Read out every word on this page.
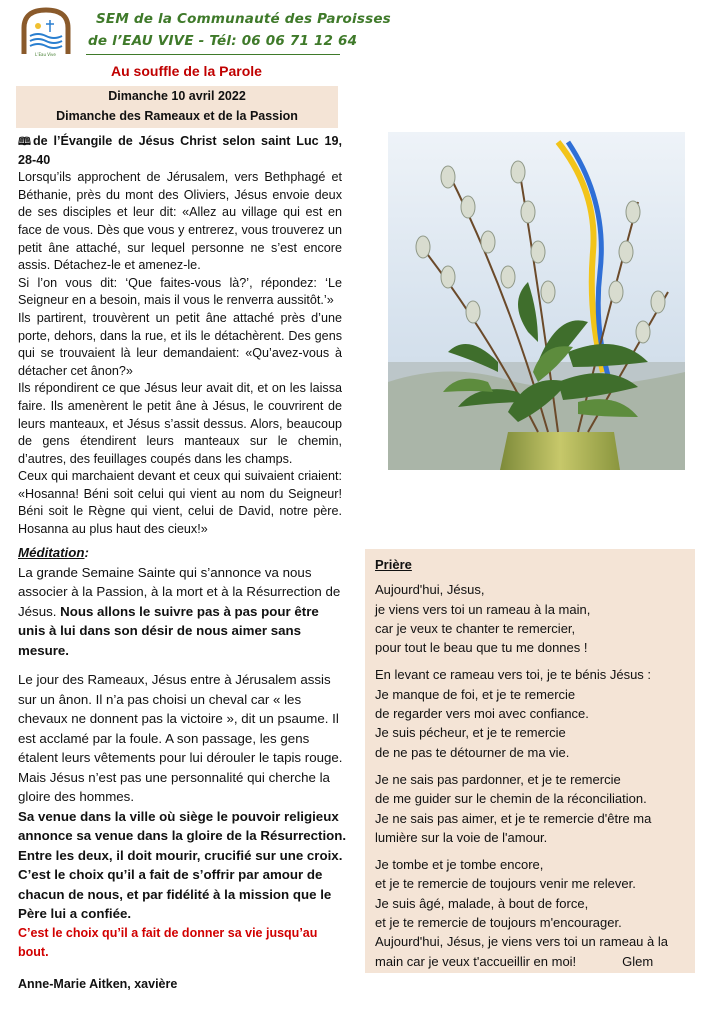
L’Eau Vive
SEM de la Communauté des Paroisses
de l’EAU VIVE - Tél: 06 06 71 12 64
Au souffle de la Parole
Dimanche 10 avril 2022
Dimanche des Rameaux et de la Passion

🕮 de l’Évangile de Jésus Christ selon saint Luc 19, 28-40

Lorsqu’ils approchent de Jérusalem, vers Bethphagé et Béthanie, près du mont des Oliviers, Jésus envoie deux de ses disciples et leur dit: «Allez au village qui est en face de vous. Dès que vous y entrerez, vous trouverez un petit âne attaché, sur lequel personne ne s’est encore assis. Détachez-le et amenez-le.

Si l’on vous dit: ‘Que faites-vous là?’, répondez: ‘Le Seigneur en a besoin, mais il vous le renverra aussitôt.’»

Ils partirent, trouvèrent un petit âne attaché près d’une porte, dehors, dans la rue, et ils le détachèrent. Des gens qui se trouvaient là leur demandaient: «Qu’avez-vous à détacher cet ânon?»

Ils répondirent ce que Jésus leur avait dit, et on les laissa faire. Ils amenèrent le petit âne à Jésus, le couvrirent de leurs manteaux, et Jésus s’assit dessus. Alors, beaucoup de gens étendirent leurs manteaux sur le chemin, d’autres, des feuillages coupés dans les champs.

Ceux qui marchaient devant et ceux qui suivaient criaient: «Hosanna! Béni soit celui qui vient au nom du Seigneur! Béni soit le Règne qui vient, celui de David, notre père. Hosanna au plus haut des cieux!»

Méditation:

La grande Semaine Sainte qui s’annonce va nous associer à la Passion, à la mort et à la Résurrection de Jésus. Nous allons le suivre pas à pas pour être unis à lui dans son désir de nous aimer sans mesure.

Le jour des Rameaux, Jésus entre à Jérusalem assis sur un ânon. Il n’a pas choisi un cheval car « les chevaux ne donnent pas la victoire », dit un psaume. Il est acclamé par la foule. A son passage, les gens étalent leurs vêtements pour lui dérouler le tapis rouge. Mais Jésus n’est pas une personnalité qui cherche la gloire des hommes.
Sa venue dans la ville où siège le pouvoir religieux annonce sa venue dans la gloire de la Résurrection. Entre les deux, il doit mourir, crucifié sur une croix. C’est le choix qu’il a fait de s’offrir par amour de chacun de nous, et par fidélité à la mission que le Père lui a confiée.

C’est le choix qu’il a fait de donner sa vie jusqu’au bout.

Anne-Marie Aitken, xavière

Prière
Aujourd'hui, Jésus,
je viens vers toi un rameau à la main,
car je veux te chanter te remercier,
pour tout le beau que tu me donnes !
En levant ce rameau vers toi, je te bénis Jésus :
Je manque de foi, et je te remercie
de regarder vers moi avec confiance.
Je suis pécheur, et je te remercie
de ne pas te détourner de ma vie.
Je ne sais pas pardonner, et je te remercie
de me guider sur le chemin de la réconciliation.
Je ne sais pas aimer, et je te remercie d'être ma
lumière sur la voie de l'amour.
Je tombe et je tombe encore,
et je te remercie de toujours venir me relever.
Je suis âgé, malade, à bout de force,
et je te remercie de toujours m'encourager.
Aujourd'hui, Jésus, je viens vers toi un rameau à la
main car je veux t'accueillir en moi!	Glem
